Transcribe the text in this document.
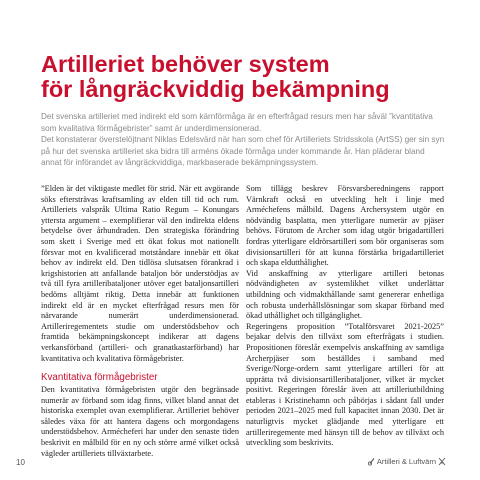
Artilleriet behöver system
för långräckviddig bekämpning

Det svenska artilleriet med indirekt eld som kärnförmåga är en efterfrågad resurs men har såväl ”kvantitativa som kvalitativa förmågebrister” samt är underdimensionerad.

Det konstaterar överstelöjtnant Niklas Edelsvärd när han som chef för Artilleriets Stridsskola (ArtSS) ger sin syn på hur det svenska artilleriet ska bidra till arméns ökade förmåga under kommande år. Han pläderar bland annat för införandet av långräckviddiga, markbaserade bekämpningssystem.

”Elden är det viktigaste medlet för strid. När ett avgörande söks eftersträvas kraftsamling av elden till tid och rum. Artilleriets valspråk Ultima Ratio Regum – Konungars yttersta argument – exemplifierar väl den indirekta eldens betydelse över århundraden. Den strategiska förändring som skett i Sverige med ett ökat fokus mot nationellt försvar mot en kvalificerad motståndare innebär ett ökat behov av indirekt eld. Den tidlösa slutsatsen förankrad i krigshistorien att anfallande bataljon bör understödjas av två till fyra artilleribataljoner utöver eget bataljonsartilleri bedöms alltjämt riktig. Detta innebär att funktionen indirekt eld är en mycket efterfrågad resurs men för närvarande numerärt underdimensionerad. Artilleriregementets studie om understödsbehov och framtida bekämpningskoncept indikerar att dagens verkansförband (artilleri- och granatkastarförband) har kvantitativa och kvalitativa förmågebrister.

Kvantitativa förmågebrister

Den kvantitativa förmågebristen utgör den begränsade numerär av förband som idag finns, vilket bland annat det historiska exemplet ovan exemplifierar. Artilleriet behöver således växa för att hantera dagens och morgondagens understödsbehov. Armécheferi har under den senaste tiden beskrivit en målbild för en ny och större armé vilket också vägleder artilleriets tillväxtarbete.

Som tillägg beskrev Försvarsberedningens rapport Värnkraft också en utveckling helt i linje med Arméchefens målbild. Dagens Archersystem utgör en nödvändig basplatta, men ytterligare numerär av pjäser behövs. Förutom de Archer som idag utgör brigadartilleri fordras ytterligare eldrörsartilleri som bör organiseras som divisionsartilleri för att kunna förstärka brigadartilleriet och skapa eldutthålighet.

Vid anskaffning av ytterligare artilleri betonas nödvändigheten av systemlikhet vilket underlättar utbildning och vidmakthållande samt genererar enhetliga och robusta underhållslösningar som skapar förband med ökad uthållighet och tillgänglighet.

Regeringens proposition ”Totalförsvaret 2021-2025” bejakar delvis den tillväxt som efterfrågats i studien. Propositionen föreslår exempelvis anskaffning av samtliga Archerpjäser som beställdes i samband med Sverige/Norge-ordern samt ytterligare artilleri för att upprätta två divisionsartilleribataljoner, vilket är mycket positivt. Regeringen föreslår även att artilleriutbildning etableras i Kristinehamn och påbörjas i sådant fall under perioden 2021–2025 med full kapacitet innan 2030. Det är naturligtvis mycket glädjande med ytterligare ett artilleriregemente med hänsyn till de behov av tillväxt och utveckling som beskrivits.

10	Artilleri & Luftvärn
